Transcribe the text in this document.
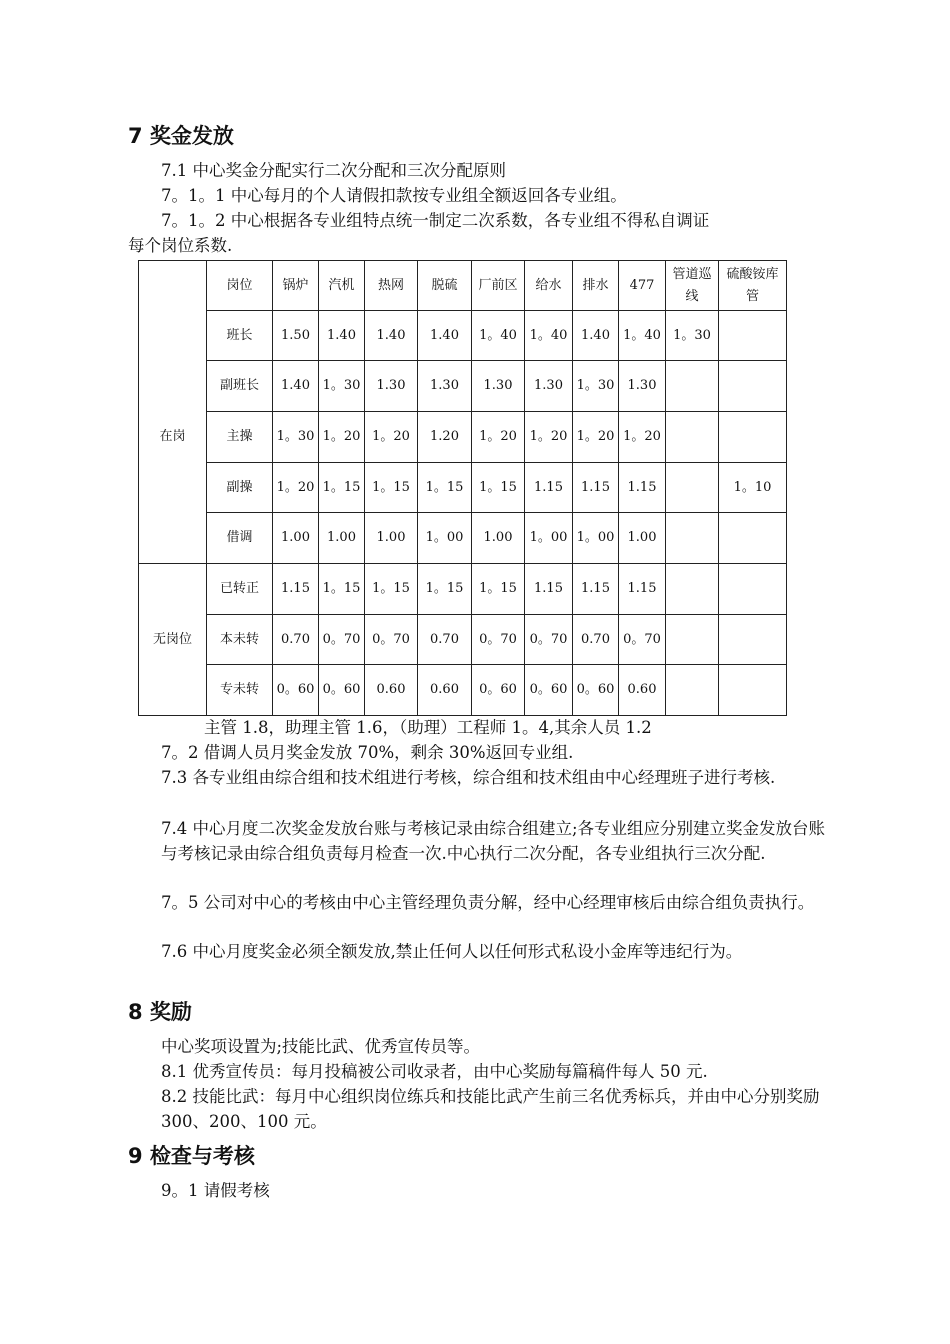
7 奖金发放
7.1 中心奖金分配实行二次分配和三次分配原则
7。1。1 中心每月的个人请假扣款按专业组全额返回各专业组。
7。1。2 中心根据各专业组特点统一制定二次系数，各专业组不得私自调证
每个岗位系数.
	岗位	锅炉	汽机	热网	脱硫	厂前区	给水	排水	477	管道巡线	硫酸铵库管
在岗	班长	1.50	1.40	1.40	1.40	1。40	1。40	1.40	1。40	1。30	
	副班长	1.40	1。30	1.30	1.30	1.30	1.30	1。30	1.30		
	主操	1。30	1。20	1。20	1.20	1。20	1。20	1。20	1。20		
	副操	1。20	1。15	1。15	1。15	1。15	1.15	1.15	1.15		1。10
	借调	1.00	1.00	1.00	1。00	1.00	1。00	1。00	1.00		
无岗位	已转正	1.15	1。15	1。15	1。15	1。15	1.15	1.15	1.15		
	本未转	0.70	0。70	0。70	0.70	0。70	0。70	0.70	0。70		
	专未转	0。60	0。60	0.60	0.60	0。60	0。60	0。60	0.60		
主管 1.8，助理主管 1.6，（助理）工程师 1。4,其余人员 1.2
7。2 借调人员月奖金发放 70%，剩余 30%返回专业组.
7.3 各专业组由综合组和技术组进行考核，综合组和技术组由中心经理班子进行考核.
7.4 中心月度二次奖金发放台账与考核记录由综合组建立;各专业组应分别建立奖金发放台账与考核记录由综合组负责每月检查一次.中心执行二次分配，各专业组执行三次分配.
7。5 公司对中心的考核由中心主管经理负责分解，经中心经理审核后由综合组负责执行。
7.6 中心月度奖金必须全额发放,禁止任何人以任何形式私设小金库等违纪行为。
8 奖励
中心奖项设置为;技能比武、优秀宣传员等。
8.1 优秀宣传员：每月投稿被公司收录者，由中心奖励每篇稿件每人 50 元.
8.2 技能比武：每月中心组织岗位练兵和技能比武产生前三名优秀标兵，并由中心分别奖励 300、200、100 元。
9 检查与考核
9。1 请假考核
